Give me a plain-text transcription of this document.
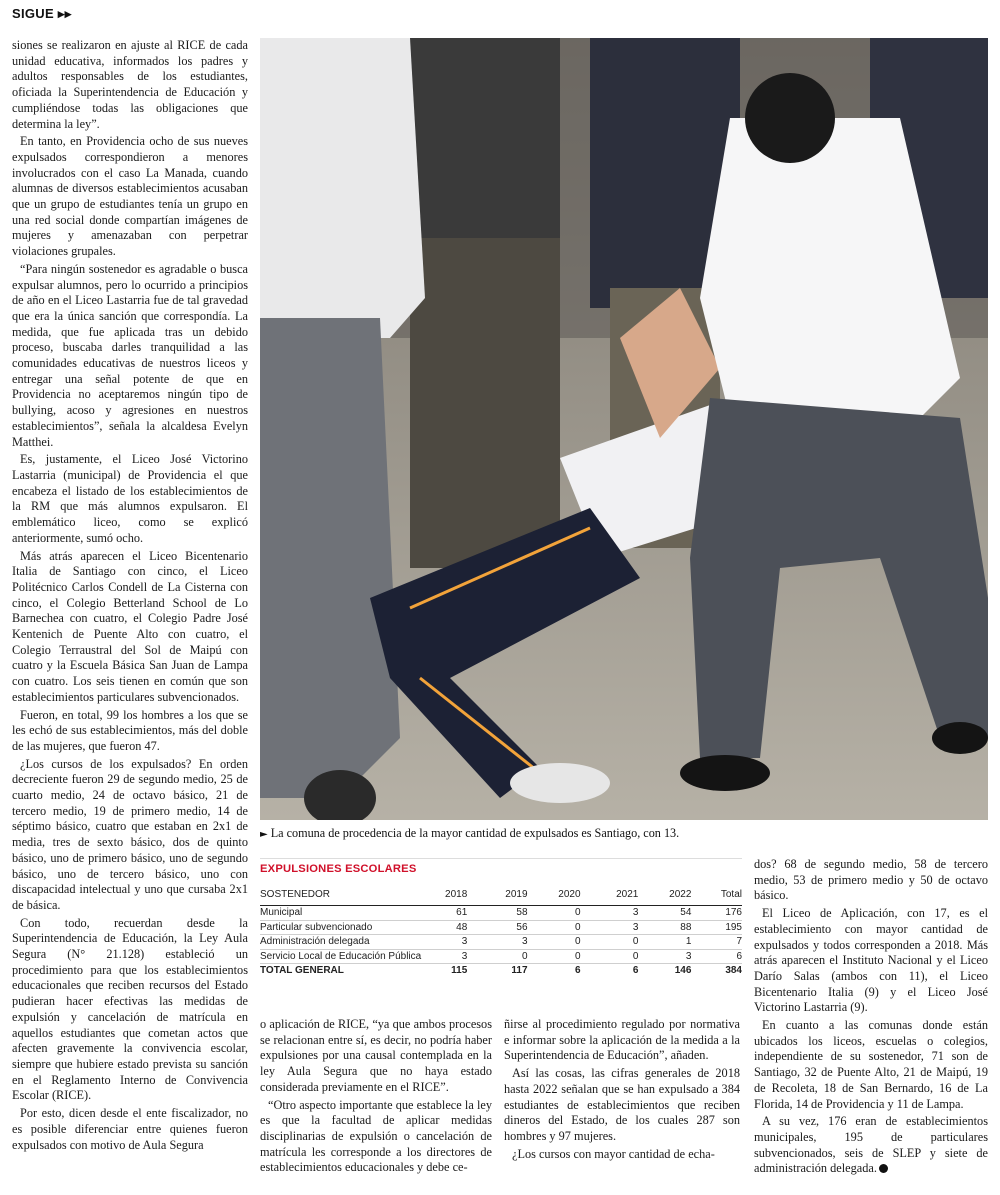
SIGUE ▸▸

siones se realizaron en ajuste al RICE de cada unidad educativa, informados los padres y adultos responsables de los estudiantes, oficiada la Superintendencia de Educación y cumpliéndose todas las obligaciones que determina la ley”.

En tanto, en Providencia ocho de sus nueves expulsados correspondieron a menores involucrados con el caso La Manada, cuando alumnas de diversos establecimientos acusaban que un grupo de estudiantes tenía un grupo en una red social donde compartían imágenes de mujeres y amenazaban con perpetrar violaciones grupales.

“Para ningún sostenedor es agradable o busca expulsar alumnos, pero lo ocurrido a principios de año en el Liceo Lastarria fue de tal gravedad que era la única sanción que correspondía. La medida, que fue aplicada tras un debido proceso, buscaba darles tranquilidad a las comunidades educativas de nuestros liceos y entregar una señal potente de que en Providencia no aceptaremos ningún tipo de bullying, acoso y agresiones en nuestros establecimientos”, señala la alcaldesa Evelyn Matthei.

Es, justamente, el Liceo José Victorino Lastarria (municipal) de Providencia el que encabeza el listado de los establecimientos de la RM que más alumnos expulsaron. El emblemático liceo, como se explicó anteriormente, sumó ocho.

Más atrás aparecen el Liceo Bicentenario Italia de Santiago con cinco, el Liceo Politécnico Carlos Condell de La Cisterna con cinco, el Colegio Betterland School de Lo Barnechea con cuatro, el Colegio Padre José Kentenich de Puente Alto con cuatro, el Colegio Terraustral del Sol de Maipú con cuatro y la Escuela Básica San Juan de Lampa con cuatro. Los seis tienen en común que son establecimientos particulares subvencionados.

Fueron, en total, 99 los hombres a los que se les echó de sus establecimientos, más del doble de las mujeres, que fueron 47.

¿Los cursos de los expulsados? En orden decreciente fueron 29 de segundo medio, 25 de cuarto medio, 24 de octavo básico, 21 de tercero medio, 19 de primero medio, 14 de séptimo básico, cuatro que estaban en 2x1 de media, tres de sexto básico, dos de quinto básico, uno de primero básico, uno de segundo básico, uno de tercero básico, uno con discapacidad intelectual y uno que cursaba 2x1 de básica.

Con todo, recuerdan desde la Superintendencia de Educación, la Ley Aula Segura (N° 21.128) estableció un procedimiento para que los establecimientos educacionales que reciben recursos del Estado pudieran hacer efectivas las medidas de expulsión y cancelación de matrícula en aquellos estudiantes que cometan actos que afecten gravemente la convivencia escolar, siempre que hubiere estado prevista su sanción en el Reglamento Interno de Convivencia Escolar (RICE).

Por esto, dicen desde el ente fiscalizador, no es posible diferenciar entre quienes fueron expulsados con motivo de Aula Segura

► La comuna de procedencia de la mayor cantidad de expulsados es Santiago, con 13.
EXPULSIONES ESCOLARES
SOSTENEDOR	2018	2019	2020	2021	2022	Total
Municipal	61	58	0	3	54	176
Particular subvencionado	48	56	0	3	88	195
Administración delegada	3	3	0	0	1	7
Servicio Local de Educación Pública	3	0	0	0	3	6
TOTAL GENERAL	115	117	6	6	146	384

o aplicación de RICE, “ya que ambos procesos se relacionan entre sí, es decir, no podría haber expulsiones por una causal contemplada en la ley Aula Segura que no haya estado considerada previamente en el RICE”.

“Otro aspecto importante que establece la ley es que la facultad de aplicar medidas disciplinarias de expulsión o cancelación de matrícula les corresponde a los directores de establecimientos educacionales y debe ce-

ñirse al procedimiento regulado por normativa e informar sobre la aplicación de la medida a la Superintendencia de Educación”, añaden.

Así las cosas, las cifras generales de 2018 hasta 2022 señalan que se han expulsado a 384 estudiantes de establecimientos que reciben dineros del Estado, de los cuales 287 son hombres y 97 mujeres.

¿Los cursos con mayor cantidad de echa-

dos? 68 de segundo medio, 58 de tercero medio, 53 de primero medio y 50 de octavo básico.

El Liceo de Aplicación, con 17, es el establecimiento con mayor cantidad de expulsados y todos corresponden a 2018. Más atrás aparecen el Instituto Nacional y el Liceo Darío Salas (ambos con 11), el Liceo Bicentenario Italia (9) y el Liceo José Victorino Lastarria (9).

En cuanto a las comunas donde están ubicados los liceos, escuelas o colegios, independiente de su sostenedor, 71 son de Santiago, 32 de Puente Alto, 21 de Maipú, 19 de Recoleta, 18 de San Bernardo, 16 de La Florida, 14 de Providencia y 11 de Lampa.

A su vez, 176 eran de establecimientos municipales, 195 de particulares subvencionados, seis de SLEP y siete de administración delegada.
